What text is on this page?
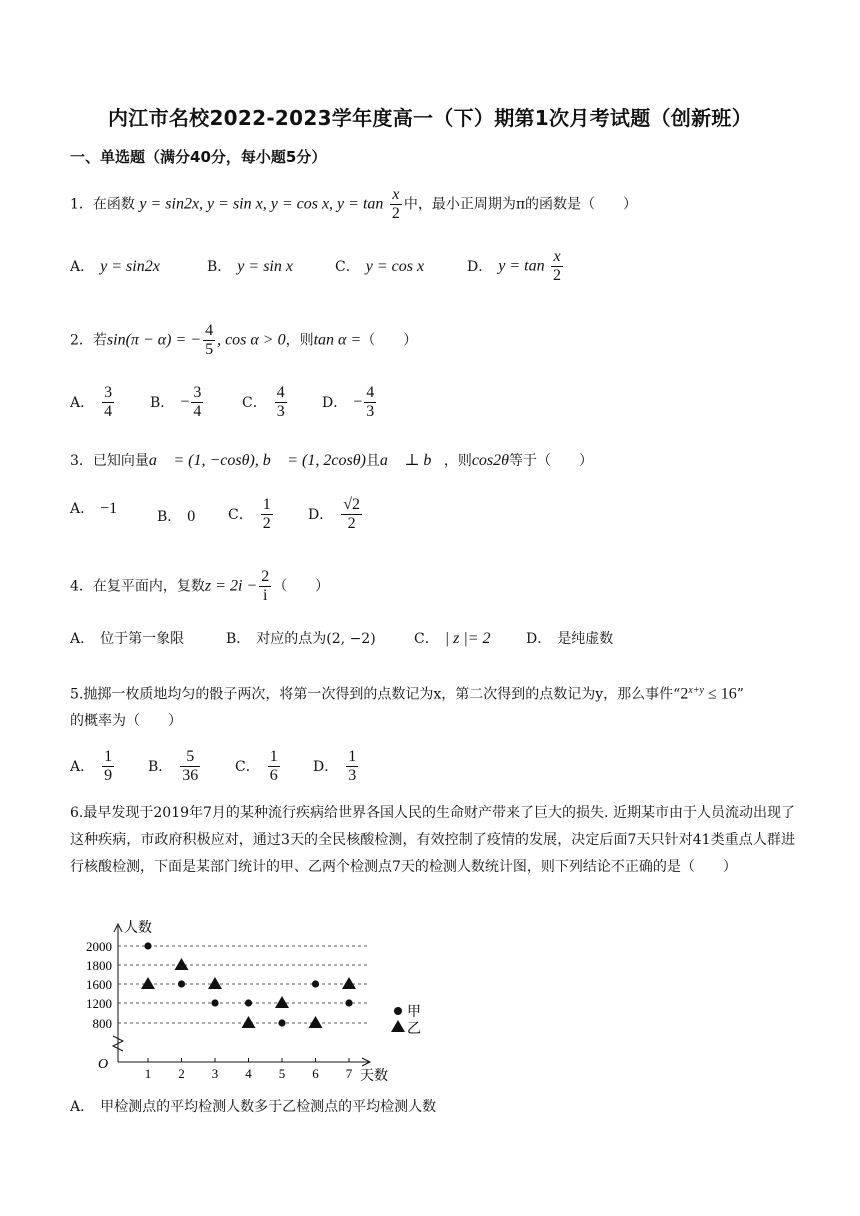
内江市名校2022-2023学年度高一（下）期第1次月考试题（创新班）
一、单选题（满分40分，每小题5分）
1．在函数 y = sin2x, y = sin x, y = cos x, $y = \tan \frac{x}{2}$ 中，最小正周期为π的函数是（　　）
A． y = sin2x	B． y = sin x	C． y = cos x	D． $y = \tan \frac{x}{2}$
2．若sin(π − α) = − $\frac{4}{5}$ , cos α > 0，则tan α =（　　）
A． $\frac{3}{4}$	B． − $\frac{3}{4}$	C． $\frac{4}{3}$	D． − $\frac{4}{3}$
3．已知向量a⃗ = (1, −cosθ), b⃗ = (1, 2cosθ)且a⃗ ⊥ b⃗，则cos2θ等于（　　）
A． −1	B． 0 C． $\frac{1}{2}$	D． $\frac{√2}{2}$
4．在复平面内，复数$z = 2i - \frac{2}{i}$ （　　）
A． 位于第一象限	B． 对应的点为(2, −2)	C． | z |= 2	D． 是纯虚数
5.抛掷一枚质地均匀的骰子两次，将第一次得到的点数记为x，第二次得到的点数记为y，那么事件“$2^{x+y} \le 16$”
的概率为（　　）
A． $\frac{1}{9}$ B． $\frac{5}{36}$ C． $\frac{1}{6}$ D． $\frac{1}{3}$
6.最早发现于2019年7月的某种流行疾病给世界各国人民的生命财产带来了巨大的损失. 近期某市由于人员流动出现了这种疾病，市政府积极应对，通过3天的全民核酸检测，有效控制了疫情的发展，决定后面7天只针对41类重点人群进行核酸检测，下面是某部门统计的甲、乙两个检测点7天的检测人数统计图，则下列结论不正确的是（　　）
人数
天数
O
800
1200
1600
1800
2000
1 2 3 4 5 6 7
甲
乙
A． 甲检测点的平均检测人数多于乙检测点的平均检测人数
